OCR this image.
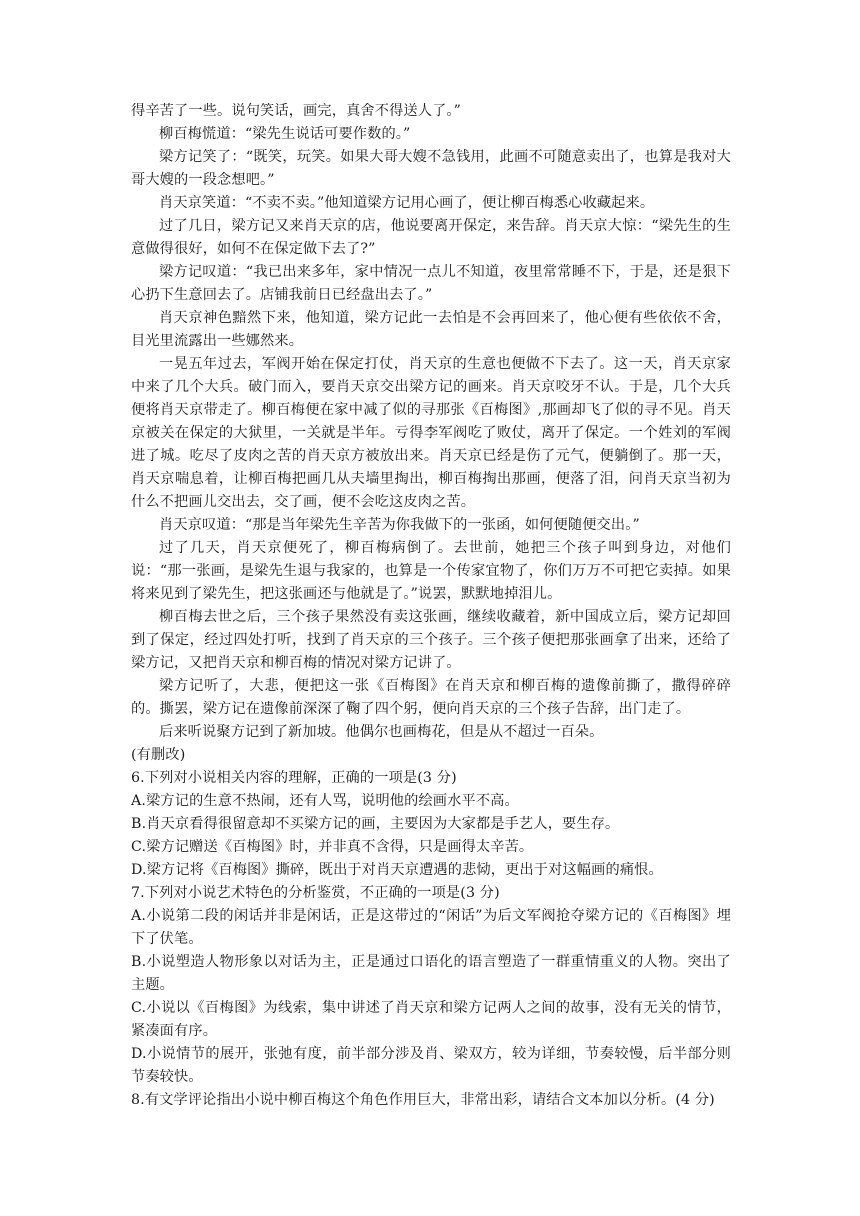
得辛苦了一些。说句笑话，画完，真舍不得送人了。”

柳百梅慌道：“梁先生说话可要作数的。”

梁方记笑了：“既笑，玩笑。如果大哥大嫂不急钱用，此画不可随意卖出了，也算是我对大哥大嫂的一段念想吧。”

肖天京笑道：“不卖不卖。”他知道梁方记用心画了，便让柳百梅悉心收藏起来。

过了几日，梁方记又来肖天京的店，他说要离开保定，来告辞。肖天京大惊：“梁先生的生意做得很好，如何不在保定做下去了?”

梁方记叹道：“我已出来多年，家中情况一点儿不知道，夜里常常睡不下，于是，还是狠下心扔下生意回去了。店铺我前日已经盘出去了。”

肖天京神色黯然下来，他知道，梁方记此一去怕是不会再回来了，他心便有些依依不舍，目光里流露出一些娜然来。

一晃五年过去，军阀开始在保定打仗，肖天京的生意也便做不下去了。这一天，肖天京家中来了几个大兵。破门而入，要肖天京交出梁方记的画来。肖天京咬牙不认。于是，几个大兵便将肖天京带走了。柳百梅便在家中减了似的寻那张《百梅图》,那画却飞了似的寻不见。肖天京被关在保定的大狱里，一关就是半年。亏得李军阀吃了败仗，离开了保定。一个姓刘的军阀进了城。吃尽了皮肉之苦的肖天京方被放出来。肖天京已经是伤了元气，便躺倒了。那一天，肖天京喘息着，让柳百梅把画几从夫墙里掏出，柳百梅掏出那画，便落了泪，问肖天京当初为什么不把画儿交出去，交了画，便不会吃这皮肉之苦。

肖天京叹道：“那是当年梁先生辛苦为你我做下的一张函，如何便随便交出。”

过了几天，肖天京便死了，柳百梅病倒了。去世前，她把三个孩子叫到身边，对他们说：“那一张画，是梁先生退与我家的，也算是一个传家宜物了，你们万万不可把它卖掉。如果将来见到了梁先生，把这张画还与他就是了。”说罢，默默地掉泪儿。

柳百梅去世之后，三个孩子果然没有卖这张画，继续收藏着，新中国成立后，梁方记却回到了保定，经过四处打听，找到了肖天京的三个孩子。三个孩子便把那张画拿了出来，还给了梁方记，又把肖天京和柳百梅的情况对梁方记讲了。

梁方记听了，大悲，便把这一张《百梅图》在肖天京和柳百梅的遗像前撕了，撒得碎碎的。撕罢，梁方记在遗像前深深了鞠了四个躬，便向肖天京的三个孩子告辞，出门走了。

后来听说聚方记到了新加坡。他偶尔也画梅花，但是从不超过一百朵。

(有删改)

6.下列对小说相关内容的理解，正确的一项是(3 分)

A.梁方记的生意不热闹，还有人骂，说明他的绘画水平不高。

B.肖天京看得很留意却不买梁方记的画，主要因为大家都是手艺人，要生存。

C.梁方记赠送《百梅图》时，并非真不含得，只是画得太辛苦。

D.梁方记将《百梅图》撕碎，既出于对肖天京遭遇的悲恸，更出于对这幅画的痛恨。

7.下列对小说艺术特色的分析鉴赏，不正确的一项是(3 分)

A.小说第二段的闲话并非是闲话，正是这带过的“闲话”为后文军阀抢夺梁方记的《百梅图》埋下了伏笔。

B.小说塑造人物形象以对话为主，正是通过口语化的语言塑造了一群重情重义的人物。突出了主题。

C.小说以《百梅图》为线索，集中讲述了肖天京和梁方记两人之间的故事，没有无关的情节，紧凑面有序。

D.小说情节的展开，张弛有度，前半部分涉及肖、梁双方，较为详细，节奏较慢，后半部分则节奏较快。

8.有文学评论指出小说中柳百梅这个角色作用巨大，非常出彩，请结合文本加以分析。(4 分)
